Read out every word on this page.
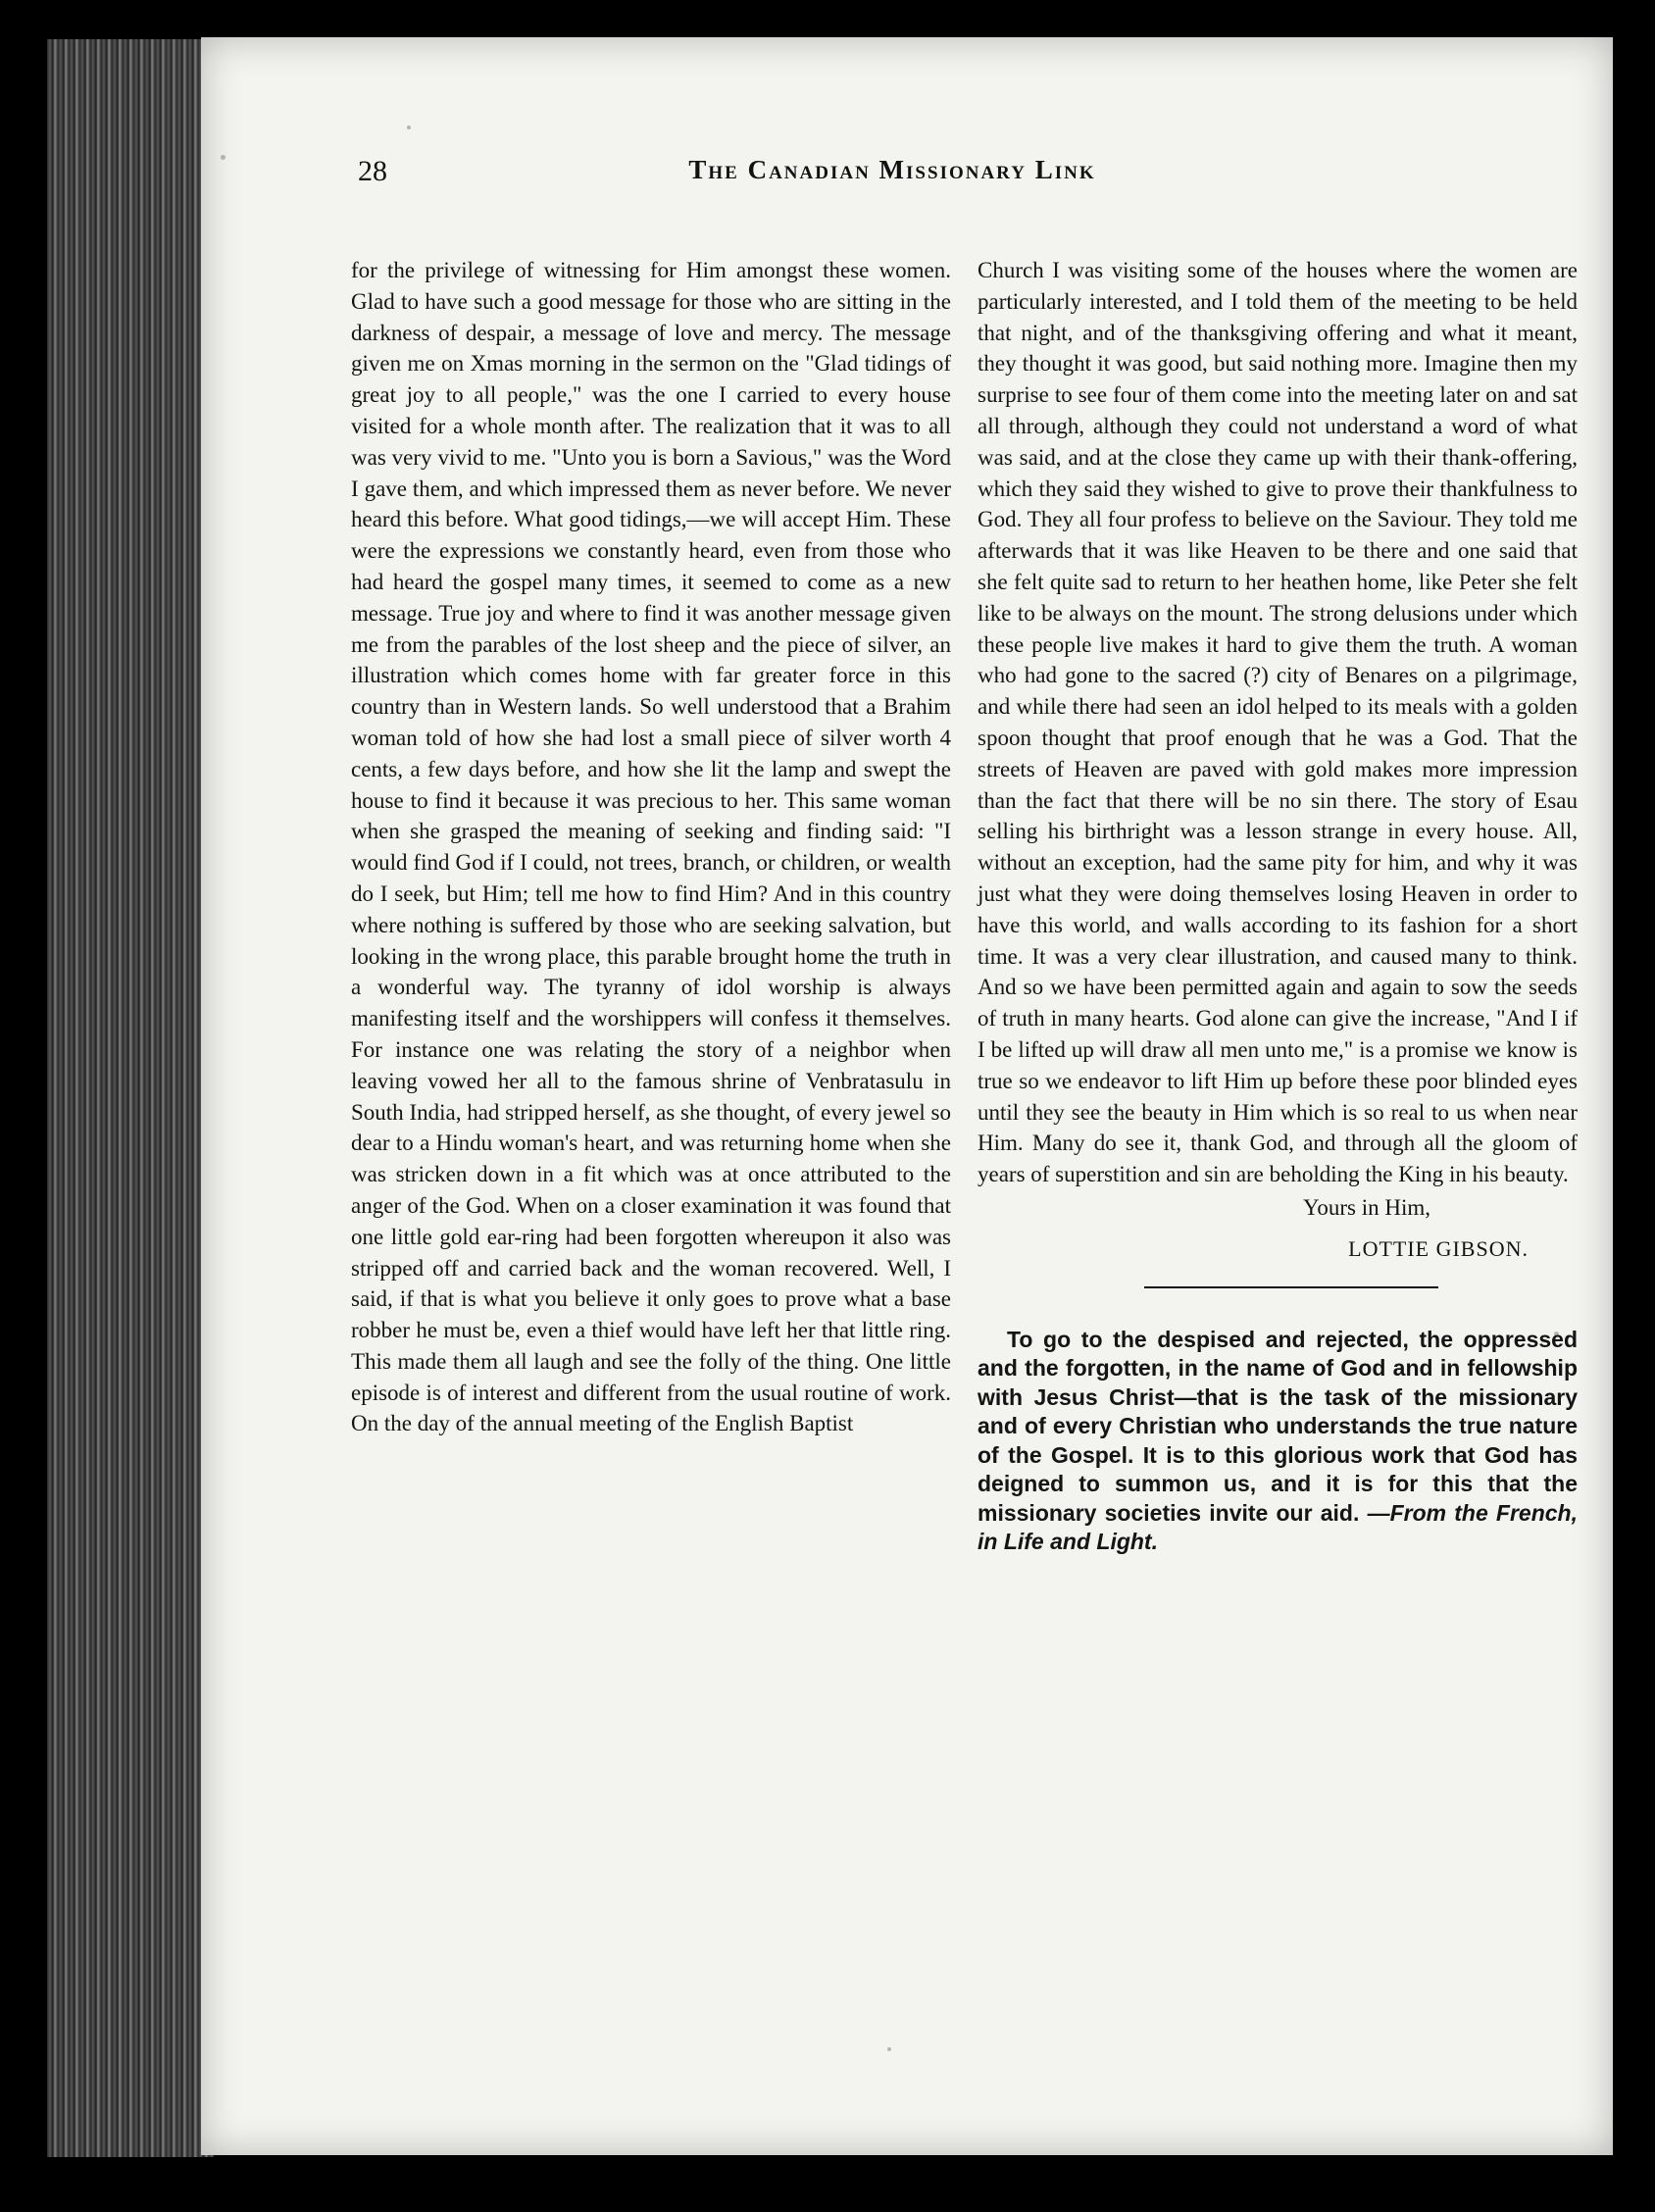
28	The Canadian Missionary Link

for the privilege of witnessing for Him amongst these women. Glad to have such a good message for those who are sitting in the darkness of despair, a message of love and mercy. The message given me on Xmas morning in the sermon on the "Glad tidings of great joy to all people," was the one I carried to every house visited for a whole month after. The realization that it was to all was very vivid to me. "Unto you is born a Savious," was the Word I gave them, and which impressed them as never before. We never heard this before. What good tidings,—we will accept Him. These were the expressions we constantly heard, even from those who had heard the gospel many times, it seemed to come as a new message. True joy and where to find it was another message given me from the parables of the lost sheep and the piece of silver, an illustration which comes home with far greater force in this country than in Western lands. So well understood that a Brahim woman told of how she had lost a small piece of silver worth 4 cents, a few days before, and how she lit the lamp and swept the house to find it because it was precious to her. This same woman when she grasped the meaning of seeking and finding said: "I would find God if I could, not trees, branch, or children, or wealth do I seek, but Him; tell me how to find Him? And in this country where nothing is suffered by those who are seeking salvation, but looking in the wrong place, this parable brought home the truth in a wonderful way. The tyranny of idol worship is always manifesting itself and the worshippers will confess it themselves. For instance one was relating the story of a neighbor when leaving vowed her all to the famous shrine of Venbratasulu in South India, had stripped herself, as she thought, of every jewel so dear to a Hindu woman's heart, and was returning home when she was stricken down in a fit which was at once attributed to the anger of the God. When on a closer examination it was found that one little gold ear-ring had been forgotten whereupon it also was stripped off and carried back and the woman recovered. Well, I said, if that is what you believe it only goes to prove what a base robber he must be, even a thief would have left her that little ring. This made them all laugh and see the folly of the thing. One little episode is of interest and different from the usual routine of work. On the day of the annual meeting of the English Baptist

Church I was visiting some of the houses where the women are particularly interested, and I told them of the meeting to be held that night, and of the thanksgiving offering and what it meant, they thought it was good, but said nothing more. Imagine then my surprise to see four of them come into the meeting later on and sat all through, although they could not understand a word of what was said, and at the close they came up with their thank-offering, which they said they wished to give to prove their thankfulness to God. They all four profess to believe on the Saviour. They told me afterwards that it was like Heaven to be there and one said that she felt quite sad to return to her heathen home, like Peter she felt like to be always on the mount. The strong delusions under which these people live makes it hard to give them the truth. A woman who had gone to the sacred (?) city of Benares on a pilgrimage, and while there had seen an idol helped to its meals with a golden spoon thought that proof enough that he was a God. That the streets of Heaven are paved with gold makes more impression than the fact that there will be no sin there. The story of Esau selling his birthright was a lesson strange in every house. All, without an exception, had the same pity for him, and why it was just what they were doing themselves losing Heaven in order to have this world, and walls according to its fashion for a short time. It was a very clear illustration, and caused many to think. And so we have been permitted again and again to sow the seeds of truth in many hearts. God alone can give the increase, "And I if I be lifted up will draw all men unto me," is a promise we know is true so we endeavor to lift Him up before these poor blinded eyes until they see the beauty in Him which is so real to us when near Him. Many do see it, thank God, and through all the gloom of years of superstition and sin are beholding the King in his beauty.

Yours in Him,

LOTTIE GIBSON.

To go to the despised and rejected, the oppressed and the forgotten, in the name of God and in fellowship with Jesus Christ—that is the task of the missionary and of every Christian who understands the true nature of the Gospel. It is to this glorious work that God has deigned to summon us, and it is for this that the missionary societies invite our aid. —From the French, in Life and Light.
